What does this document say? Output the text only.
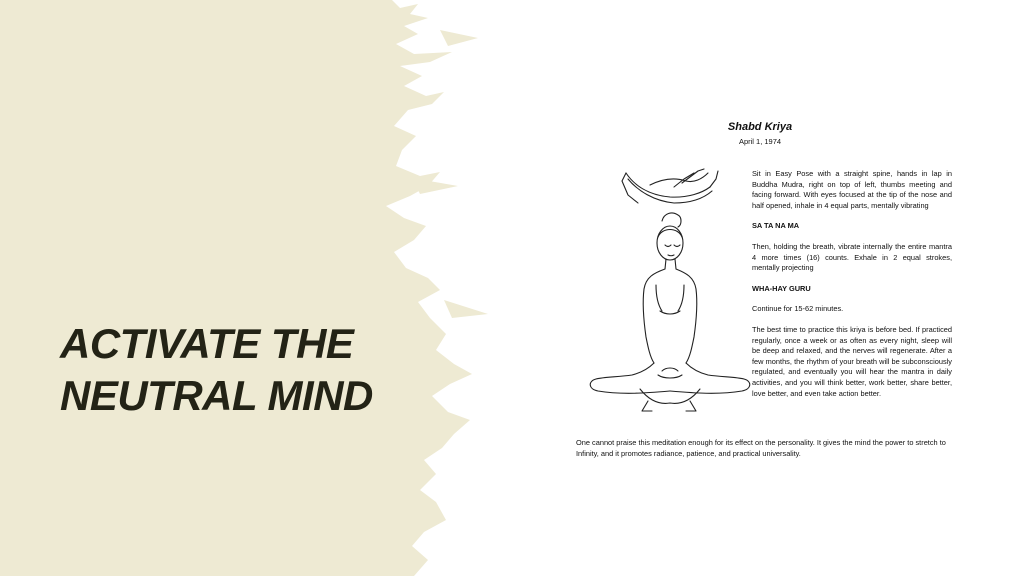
ACTIVATE THE
NEUTRAL MIND
Shabd Kriya
April 1, 1974

Sit in Easy Pose with a straight spine, hands in lap in Buddha Mudra, right on top of left, thumbs meeting and facing forward. With eyes focused at the tip of the nose and half opened, inhale in 4 equal parts, mentally vibrating

SA TA NA MA

Then, holding the breath, vibrate internally the entire mantra 4 more times (16) counts. Exhale in 2 equal strokes, mentally projecting

WHA-HAY GURU

Continue for 15-62 minutes.

The best time to practice this kriya is before bed. If practiced regularly, once a week or as often as every night, sleep will be deep and relaxed, and the nerves will regenerate. After a few months, the rhythm of your breath will be subconsciously regulated, and eventually you will hear the mantra in daily activities, and you will think better, work better, share better, love better, and even take action better.

One cannot praise this meditation enough for its effect on the personality. It gives the mind the power to stretch to Infinity, and it promotes radiance, patience, and practical universality.
